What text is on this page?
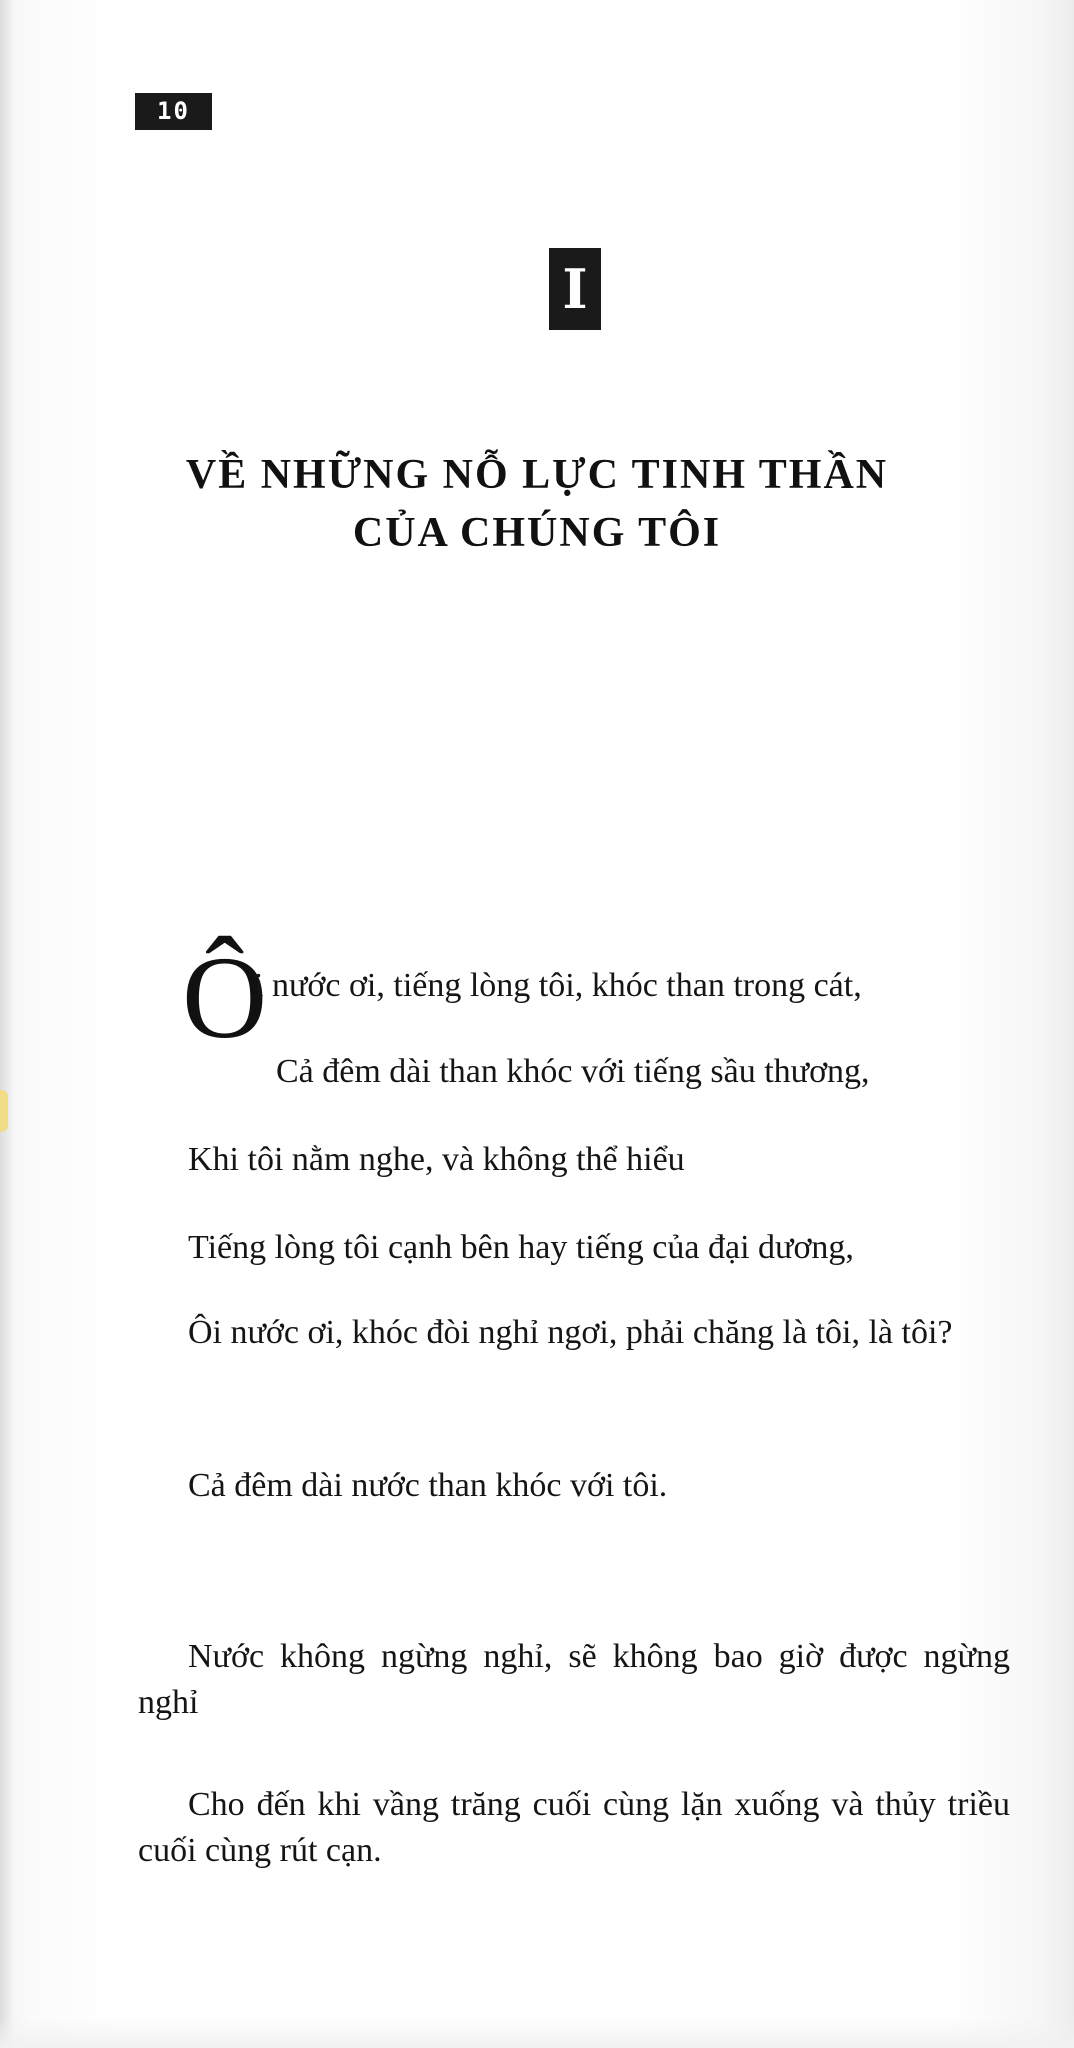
10
I
VỀ NHỮNG NỖ LỰC TINH THẦN
CỦA CHÚNG TÔI
Ô
i nước ơi, tiếng lòng tôi, khóc than trong cát,
Cả đêm dài than khóc với tiếng sầu thương,
Khi tôi nằm nghe, và không thể hiểu
Tiếng lòng tôi cạnh bên hay tiếng của đại dương,
Ôi nước ơi, khóc đòi nghỉ ngơi, phải chăng là tôi, là tôi?
Cả đêm dài nước than khóc với tôi.
Nước không ngừng nghỉ, sẽ không bao giờ được ngừng nghỉ
Cho đến khi vầng trăng cuối cùng lặn xuống và thủy triều cuối cùng rút cạn.
